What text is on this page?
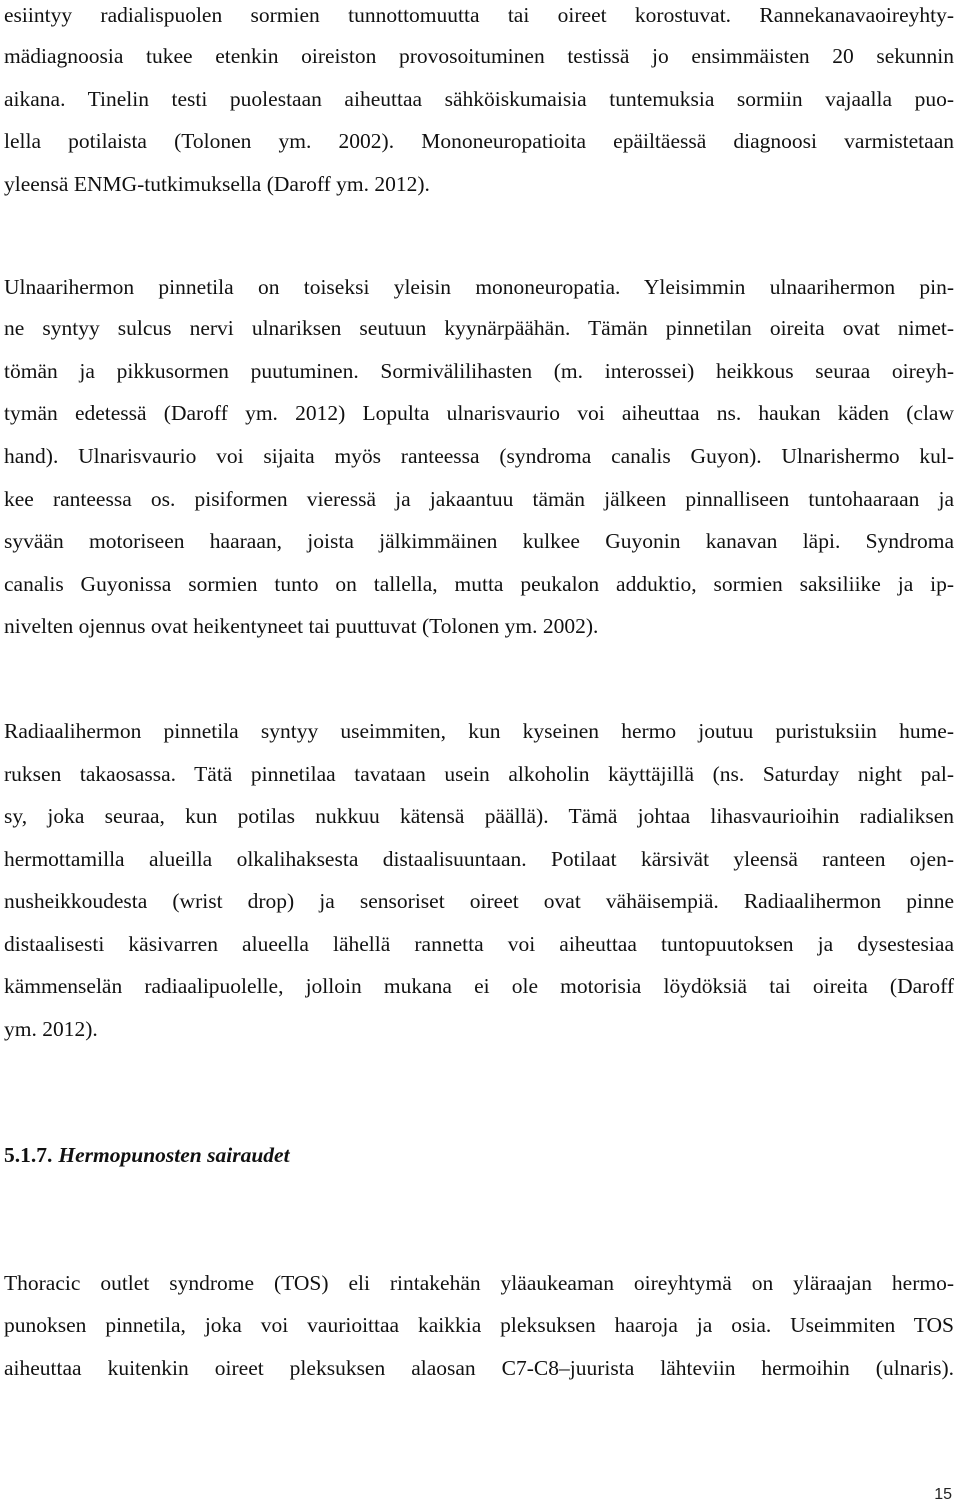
esiintyy radialispuolen sormien tunnottomuutta tai oireet korostuvat. Rannekanavaoireyhty-
mädiagnoosia tukee etenkin oireiston provosoituminen testissä jo ensimmäisten 20 sekunnin
aikana. Tinelin testi puolestaan aiheuttaa sähköiskumaisia tuntemuksia sormiin vajaalla puo-
lella potilaista (Tolonen ym. 2002). Mononeuropatioita epäiltäessä diagnoosi varmistetaan
yleensä ENMG-tutkimuksella (Daroff ym. 2012).
Ulnaarihermon pinnetila on toiseksi yleisin mononeuropatia. Yleisimmin ulnaarihermon pin-
ne syntyy sulcus nervi ulnariksen seutuun kyynärpäähän. Tämän pinnetilan oireita ovat nimet-
tömän ja pikkusormen puutuminen. Sormivälilihasten (m. interossei) heikkous seuraa oireyh-
tymän edetessä (Daroff ym. 2012) Lopulta ulnarisvaurio voi aiheuttaa ns. haukan käden (claw
hand). Ulnarisvaurio voi sijaita myös ranteessa (syndroma canalis Guyon). Ulnarishermo kul-
kee ranteessa os. pisiformen vieressä ja jakaantuu tämän jälkeen pinnalliseen tuntohaaraan ja
syvään motoriseen haaraan, joista jälkimmäinen kulkee Guyonin kanavan läpi. Syndroma
canalis Guyonissa sormien tunto on tallella, mutta peukalon adduktio, sormien saksiliike ja ip-
nivelten ojennus ovat heikentyneet tai puuttuvat (Tolonen ym. 2002).
Radiaalihermon pinnetila syntyy useimmiten, kun kyseinen hermo joutuu puristuksiin hume-
ruksen takaosassa. Tätä pinnetilaa tavataan usein alkoholin käyttäjillä (ns. Saturday night pal-
sy, joka seuraa, kun potilas nukkuu kätensä päällä). Tämä johtaa lihasvaurioihin radialiksen
hermottamilla alueilla olkalihaksesta distaalisuuntaan. Potilaat kärsivät yleensä ranteen ojen-
nusheikkoudesta (wrist drop) ja sensoriset oireet ovat vähäisempiä. Radiaalihermon pinne
distaalisesti käsivarren alueella lähellä rannetta voi aiheuttaa tuntopuutoksen ja dysestesiaa
kämmenselän radiaalipuolelle, jolloin mukana ei ole motorisia löydöksiä tai oireita (Daroff
ym. 2012).
5.1.7. Hermopunosten sairaudet
Thoracic outlet syndrome (TOS) eli rintakehän yläaukeaman oireyhtymä on yläraajan hermo-
punoksen pinnetila, joka voi vaurioittaa kaikkia pleksuksen haaroja ja osia. Useimmiten TOS
aiheuttaa kuitenkin oireet pleksuksen alaosan C7-C8–juurista lähteviin hermoihin (ulnaris).
15
